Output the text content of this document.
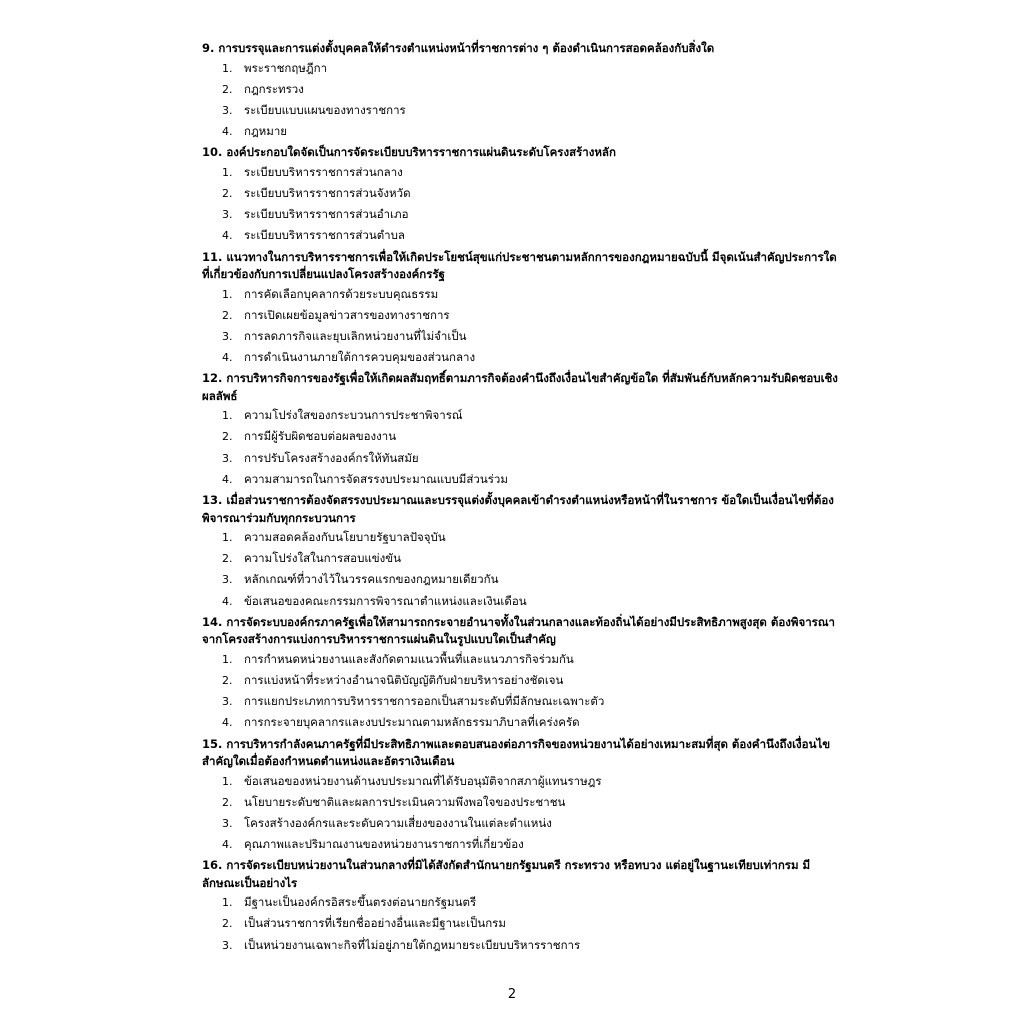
9. การบรรจุและการแต่งตั้งบุคคลให้ดำรงตำแหน่งหน้าที่ราชการต่าง ๆ ต้องดำเนินการสอดคล้องกับสิ่งใด

1.	พระราชกฤษฎีกา
2.	กฎกระทรวง
3.	ระเบียบแบบแผนของทางราชการ
4.	กฎหมาย

10. องค์ประกอบใดจัดเป็นการจัดระเบียบบริหารราชการแผ่นดินระดับโครงสร้างหลัก

1.	ระเบียบบริหารราชการส่วนกลาง
2.	ระเบียบบริหารราชการส่วนจังหวัด
3.	ระเบียบบริหารราชการส่วนอำเภอ
4.	ระเบียบบริหารราชการส่วนตำบล

11. แนวทางในการบริหารราชการเพื่อให้เกิดประโยชน์สุขแก่ประชาชนตามหลักการของกฎหมายฉบับนี้ มีจุดเน้นสำคัญประการใดที่เกี่ยวข้องกับการเปลี่ยนแปลงโครงสร้างองค์กรรัฐ

1.	การคัดเลือกบุคลากรด้วยระบบคุณธรรม
2.	การเปิดเผยข้อมูลข่าวสารของทางราชการ
3.	การลดภารกิจและยุบเลิกหน่วยงานที่ไม่จำเป็น
4.	การดำเนินงานภายใต้การควบคุมของส่วนกลาง

12. การบริหารกิจการของรัฐเพื่อให้เกิดผลสัมฤทธิ์ตามภารกิจต้องคำนึงถึงเงื่อนไขสำคัญข้อใด ที่สัมพันธ์กับหลักความรับผิดชอบเชิงผลลัพธ์

1.	ความโปร่งใสของกระบวนการประชาพิจารณ์
2.	การมีผู้รับผิดชอบต่อผลของงาน
3.	การปรับโครงสร้างองค์กรให้ทันสมัย
4.	ความสามารถในการจัดสรรงบประมาณแบบมีส่วนร่วม

13. เมื่อส่วนราชการต้องจัดสรรงบประมาณและบรรจุแต่งตั้งบุคคลเข้าดำรงตำแหน่งหรือหน้าที่ในราชการ ข้อใดเป็นเงื่อนไขที่ต้องพิจารณาร่วมกับทุกกระบวนการ

1.	ความสอดคล้องกับนโยบายรัฐบาลปัจจุบัน
2.	ความโปร่งใสในการสอบแข่งขัน
3.	หลักเกณฑ์ที่วางไว้ในวรรคแรกของกฎหมายเดียวกัน
4.	ข้อเสนอของคณะกรรมการพิจารณาตำแหน่งและเงินเดือน

14. การจัดระบบองค์กรภาครัฐเพื่อให้สามารถกระจายอำนาจทั้งในส่วนกลางและท้องถิ่นได้อย่างมีประสิทธิภาพสูงสุด ต้องพิจารณาจากโครงสร้างการแบ่งการบริหารราชการแผ่นดินในรูปแบบใดเป็นสำคัญ

1.	การกำหนดหน่วยงานและสังกัดตามแนวพื้นที่และแนวภารกิจร่วมกัน
2.	การแบ่งหน้าที่ระหว่างอำนาจนิติบัญญัติกับฝ่ายบริหารอย่างชัดเจน
3.	การแยกประเภทการบริหารราชการออกเป็นสามระดับที่มีลักษณะเฉพาะตัว
4.	การกระจายบุคลากรและงบประมาณตามหลักธรรมาภิบาลที่เคร่งครัด

15. การบริหารกำลังคนภาครัฐที่มีประสิทธิภาพและตอบสนองต่อภารกิจของหน่วยงานได้อย่างเหมาะสมที่สุด ต้องคำนึงถึงเงื่อนไขสำคัญใดเมื่อต้องกำหนดตำแหน่งและอัตราเงินเดือน

1.	ข้อเสนอของหน่วยงานด้านงบประมาณที่ได้รับอนุมัติจากสภาผู้แทนราษฎร
2.	นโยบายระดับชาติและผลการประเมินความพึงพอใจของประชาชน
3.	โครงสร้างองค์กรและระดับความเสี่ยงของงานในแต่ละตำแหน่ง
4.	คุณภาพและปริมาณงานของหน่วยงานราชการที่เกี่ยวข้อง

16. การจัดระเบียบหน่วยงานในส่วนกลางที่มิได้สังกัดสำนักนายกรัฐมนตรี กระทรวง หรือทบวง แต่อยู่ในฐานะเทียบเท่ากรม มีลักษณะเป็นอย่างไร

1.	มีฐานะเป็นองค์กรอิสระขึ้นตรงต่อนายกรัฐมนตรี
2.	เป็นส่วนราชการที่เรียกชื่ออย่างอื่นและมีฐานะเป็นกรม
3.	เป็นหน่วยงานเฉพาะกิจที่ไม่อยู่ภายใต้กฎหมายระเบียบบริหารราชการ
2
